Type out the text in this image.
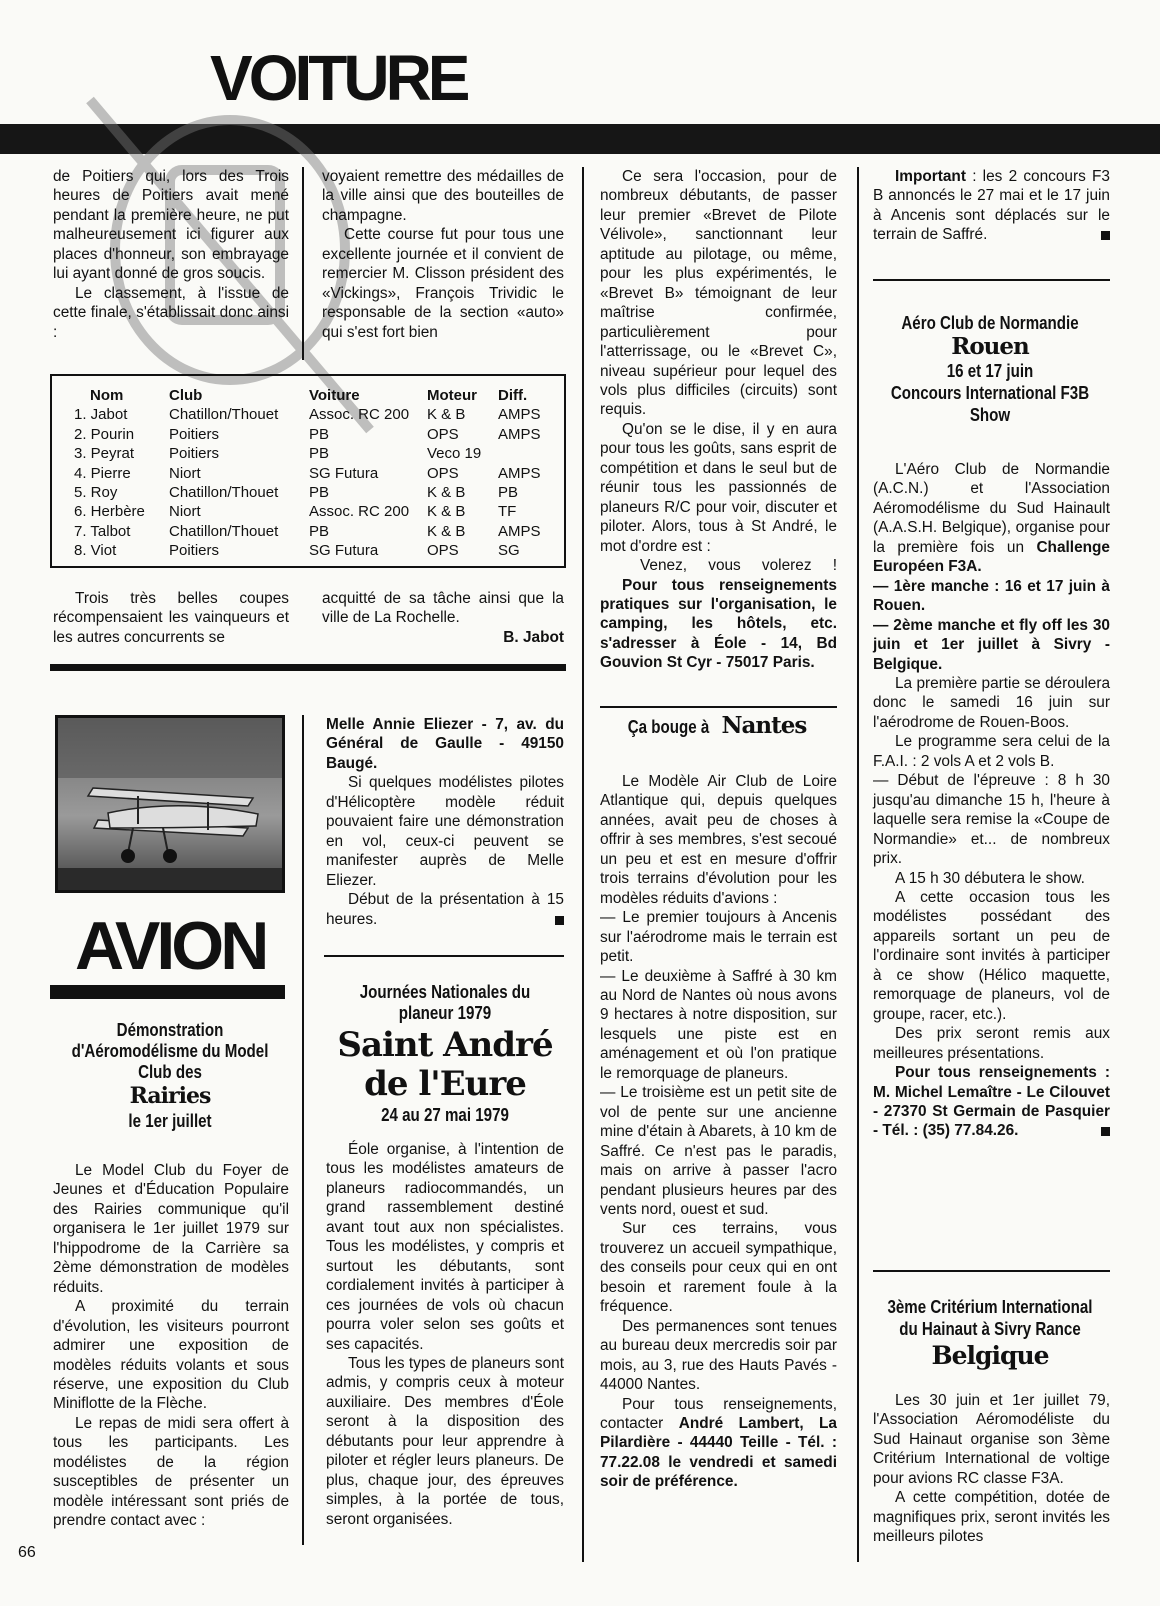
VOITURE

de Poitiers qui, lors des Trois heures de Poitiers avait mené pendant la première heure, ne put malheureusement ici figurer aux places d'honneur, son embrayage lui ayant donné de gros soucis.

Le classement, à l'issue de cette finale, s'établissait donc ainsi :

voyaient remettre des médailles de la ville ainsi que des bouteilles de champagne.

Cette course fut pour tous une excellente journée et il convient de remercier M. Clisson président des «Vickings», François Trividic le responsable de la section «auto» qui s'est fort bien

Nom	Club	Voiture	Moteur	Diff.
1. Jabot	Chatillon/Thouet	Assoc. RC 200	K & B	AMPS
2. Pourin	Poitiers	PB	OPS	AMPS
3. Peyrat	Poitiers	PB	Veco 19	
4. Pierre	Niort	SG Futura	OPS	AMPS
5. Roy	Chatillon/Thouet	PB	K & B	PB
6. Herbère	Niort	Assoc. RC 200	K & B	TF
7. Talbot	Chatillon/Thouet	PB	K & B	AMPS
8. Viot	Poitiers	SG Futura	OPS	SG

Trois très belles coupes récompensaient les vainqueurs et les autres concurrents se

acquitté de sa tâche ainsi que la ville de La Rochelle.

B. Jabot

AVION
Démonstration d'Aéromodélisme du Model Club des
Rairies
le 1er juillet

Le Model Club du Foyer de Jeunes et d'Éducation Populaire des Rairies communique qu'il organisera le 1er juillet 1979 sur l'hippodrome de la Carrière sa 2ème démonstration de modèles réduits.

A proximité du terrain d'évolution, les visiteurs pourront admirer une exposition de modèles réduits volants et sous réserve, une exposition du Club Miniflotte de la Flèche.

Le repas de midi sera offert à tous les participants. Les modélistes de la région susceptibles de présenter un modèle intéressant sont priés de prendre contact avec :

66

Melle Annie Eliezer - 7, av. du Général de Gaulle - 49150 Baugé.

Si quelques modélistes pilotes d'Hélicoptère modèle réduit pouvaient faire une démonstration en vol, ceux-ci peuvent se manifester auprès de Melle Eliezer.

Début de la présentation à 15 heures.

Journées Nationales du planeur 1979
Saint André de l'Eure
24 au 27 mai 1979

Éole organise, à l'intention de tous les modélistes amateurs de planeurs radiocommandés, un grand rassemblement destiné avant tout aux non spécialistes. Tous les modélistes, y compris et surtout les débutants, sont cordialement invités à participer à ces journées de vols où chacun pourra voler selon ses goûts et ses capacités.

Tous les types de planeurs sont admis, y compris ceux à moteur auxiliaire. Des membres d'Éole seront à la disposition des débutants pour leur apprendre à piloter et régler leurs planeurs. De plus, chaque jour, des épreuves simples, à la portée de tous, seront organisées.

Ce sera l'occasion, pour de nombreux débutants, de passer leur premier «Brevet de Pilote Vélivole», sanctionnant leur aptitude au pilotage, ou même, pour les plus expérimentés, le «Brevet B» témoignant de leur maîtrise confirmée, particulièrement pour l'atterrissage, ou le «Brevet C», niveau supérieur pour lequel des vols plus difficiles (circuits) sont requis.

Qu'on se le dise, il y en aura pour tous les goûts, sans esprit de compétition et dans le seul but de réunir tous les passionnés de planeurs R/C pour voir, discuter et piloter. Alors, tous à St André, le mot d'ordre est :

Venez, vous volerez !

Pour tous renseignements pratiques sur l'organisation, le camping, les hôtels, etc. s'adresser à Éole - 14, Bd Gouvion St Cyr - 75017 Paris.

Ça bouge à Nantes

Le Modèle Air Club de Loire Atlantique qui, depuis quelques années, avait peu de choses à offrir à ses membres, s'est secoué un peu et est en mesure d'offrir trois terrains d'évolution pour les modèles réduits d'avions :

— Le premier toujours à Ancenis sur l'aérodrome mais le terrain est petit.

— Le deuxième à Saffré à 30 km au Nord de Nantes où nous avons 9 hectares à notre disposition, sur lesquels une piste est en aménagement et où l'on pratique le remorquage de planeurs.

— Le troisième est un petit site de vol de pente sur une ancienne mine d'étain à Abarets, à 10 km de Saffré. Ce n'est pas le paradis, mais on arrive à passer l'acro pendant plusieurs heures par des vents nord, ouest et sud.

Sur ces terrains, vous trouverez un accueil sympathique, des conseils pour ceux qui en ont besoin et rarement foule à la fréquence.

Des permanences sont tenues au bureau deux mercredis soir par mois, au 3, rue des Hauts Pavés - 44000 Nantes.

Pour tous renseignements, contacter André Lambert, La Pilardière - 44440 Teille - Tél. : 77.22.08 le vendredi et samedi soir de préférence.

Important : les 2 concours F3 B annoncés le 27 mai et le 17 juin à Ancenis sont déplacés sur le terrain de Saffré.

Aéro Club de Normandie
Rouen
16 et 17 juin
Concours International F3B Show

L'Aéro Club de Normandie (A.C.N.) et l'Association Aéromodélisme du Sud Hainault (A.A.S.H. Belgique), organise pour la première fois un Challenge Européen F3A.

— 1ère manche : 16 et 17 juin à Rouen.

— 2ème manche et fly off les 30 juin et 1er juillet à Sivry - Belgique.

La première partie se déroulera donc le samedi 16 juin sur l'aérodrome de Rouen-Boos.

Le programme sera celui de la F.A.I. : 2 vols A et 2 vols B.

— Début de l'épreuve : 8 h 30 jusqu'au dimanche 15 h, l'heure à laquelle sera remise la «Coupe de Normandie» et... de nombreux prix.

A 15 h 30 débutera le show.

A cette occasion tous les modélistes possédant des appareils sortant un peu de l'ordinaire sont invités à participer à ce show (Hélico maquette, remorquage de planeurs, vol de groupe, racer, etc.).

Des prix seront remis aux meilleures présentations.

Pour tous renseignements : M. Michel Lemaître - Le Cilouvet - 27370 St Germain de Pasquier - Tél. : (35) 77.84.26.

3ème Critérium International du Hainaut à Sivry Rance
Belgique

Les 30 juin et 1er juillet 79, l'Association Aéromodéliste du Sud Hainaut organise son 3ème Critérium International de voltige pour avions RC classe F3A.

A cette compétition, dotée de magnifiques prix, seront invités les meilleurs pilotes
